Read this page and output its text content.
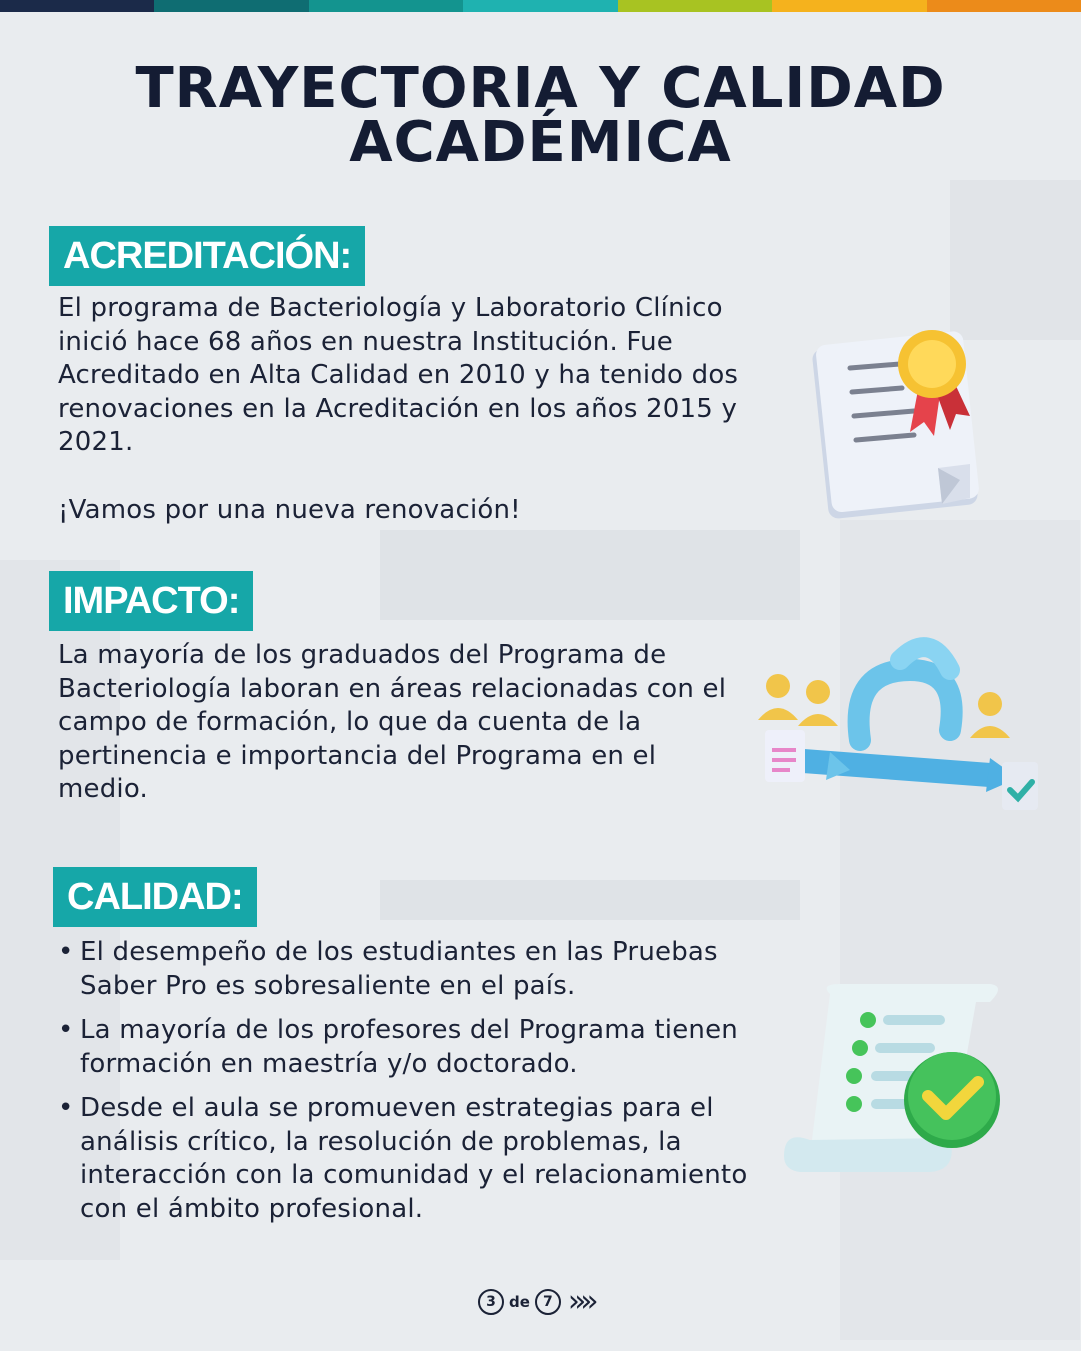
TRAYECTORIA Y CALIDAD
ACADÉMICA
ACREDITACIÓN:
El programa de Bacteriología y Laboratorio Clínico inició hace 68 años en nuestra Institución. Fue Acreditado en Alta Calidad en 2010 y ha tenido dos renovaciones en la Acreditación en los años 2015 y 2021.
¡Vamos por una nueva renovación!
IMPACTO:
La mayoría de los graduados del Programa de Bacteriología laboran en áreas relacionadas con el campo de formación, lo que da cuenta de la pertinencia e importancia del Programa en el medio.
CALIDAD:
• El desempeño de los estudiantes en las Pruebas Saber Pro es sobresaliente en el país.
• La mayoría de los profesores del Programa tienen formación en maestría y/o doctorado.
• Desde el aula se promueven estrategias para el análisis crítico, la resolución de problemas, la interacción con la comunidad y el relacionamiento con el ámbito profesional.
3 de 7 »»
